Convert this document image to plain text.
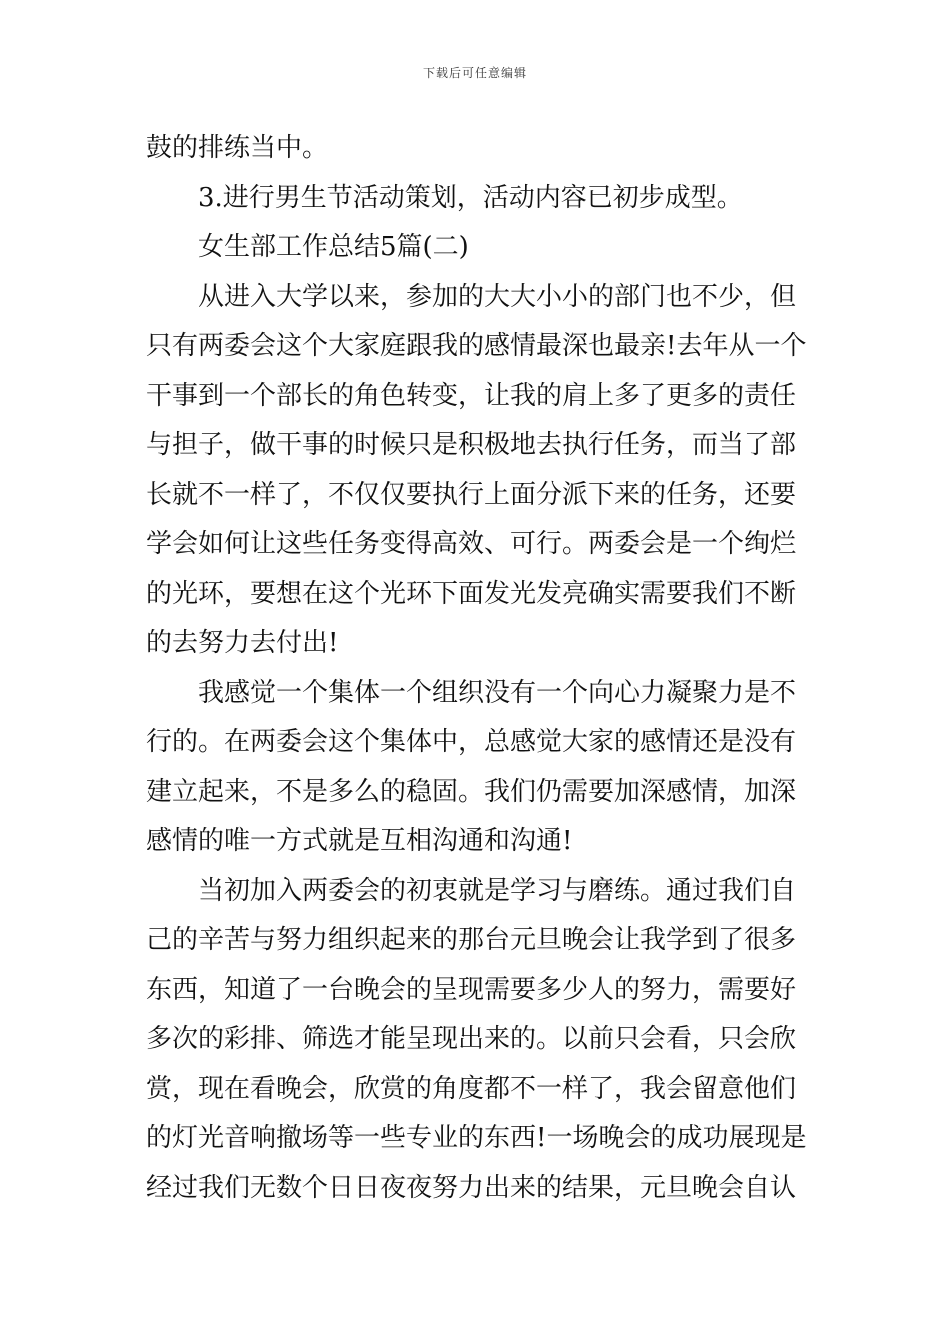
下载后可任意编辑
鼓的排练当中。
3.进行男生节活动策划，活动内容已初步成型。
女生部工作总结5篇(二)
从进入大学以来，参加的大大小小的部门也不少，但
只有两委会这个大家庭跟我的感情最深也最亲!去年从一个
干事到一个部长的角色转变，让我的肩上多了更多的责任
与担子，做干事的时候只是积极地去执行任务，而当了部
长就不一样了，不仅仅要执行上面分派下来的任务，还要
学会如何让这些任务变得高效、可行。两委会是一个绚烂
的光环，要想在这个光环下面发光发亮确实需要我们不断
的去努力去付出!
我感觉一个集体一个组织没有一个向心力凝聚力是不
行的。在两委会这个集体中，总感觉大家的感情还是没有
建立起来，不是多么的稳固。我们仍需要加深感情，加深
感情的唯一方式就是互相沟通和沟通!
当初加入两委会的初衷就是学习与磨练。通过我们自
己的辛苦与努力组织起来的那台元旦晚会让我学到了很多
东西，知道了一台晚会的呈现需要多少人的努力，需要好
多次的彩排、筛选才能呈现出来的。以前只会看，只会欣
赏，现在看晚会，欣赏的角度都不一样了，我会留意他们
的灯光音响撤场等一些专业的东西!一场晚会的成功展现是
经过我们无数个日日夜夜努力出来的结果，元旦晚会自认
